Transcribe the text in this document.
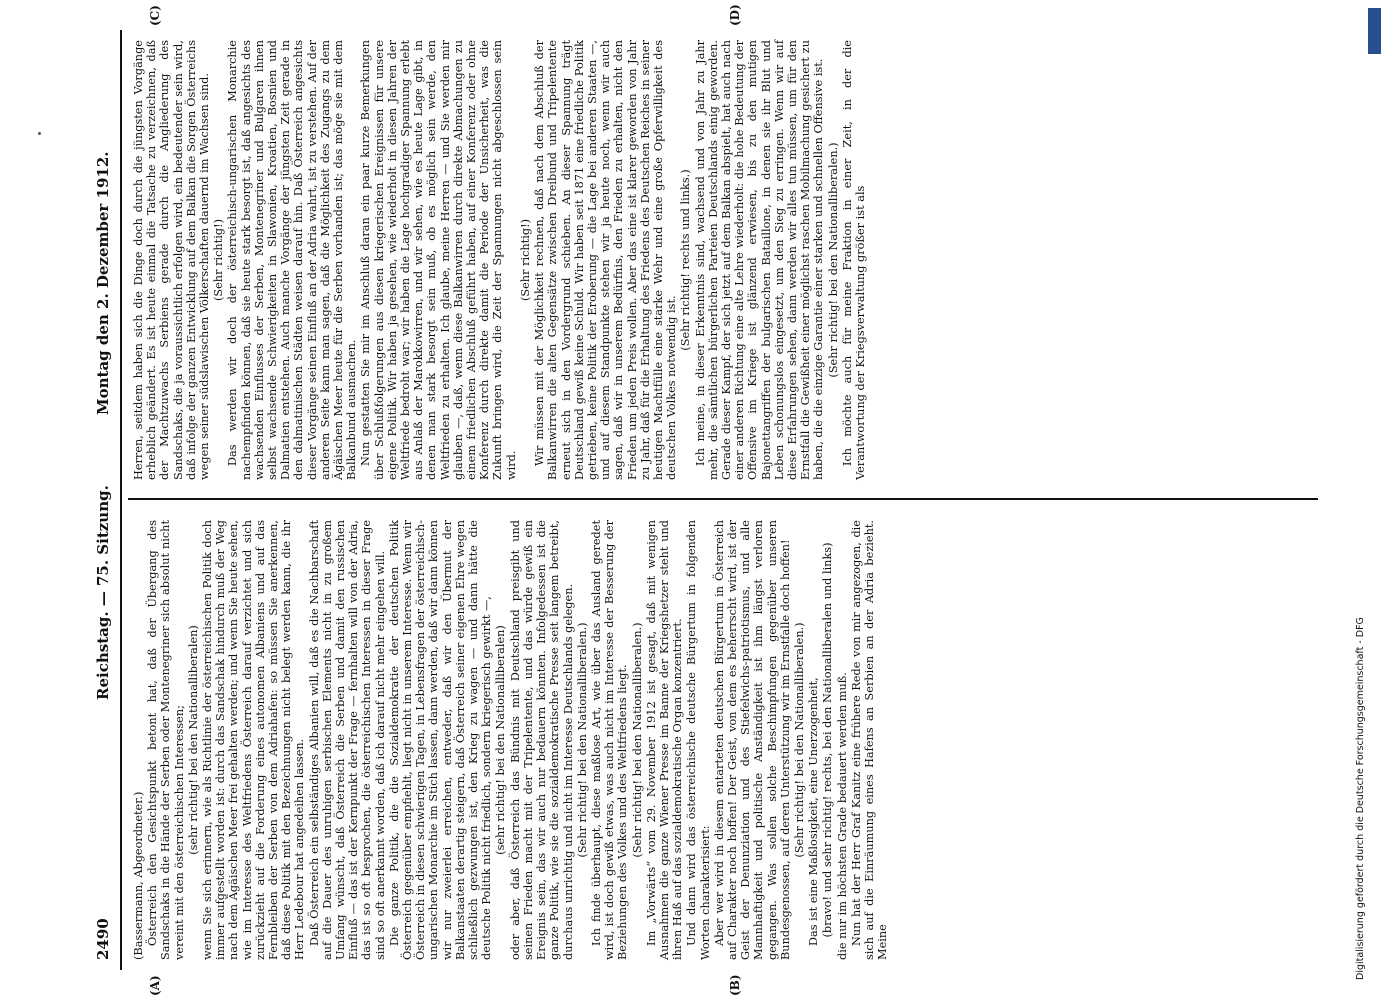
2490
Reichstag. — 75. Sitzung.
Montag den 2. Dezember 1912.
(A)	(B)
(C)	(D)

(Bassermann, Abgeordneter.) Österreich den Gesichtspunkt betont hat, daß der Übergang des Sandschaks in die Hände der Serben oder Montenegriner sich absolut nicht vereint mit den österreichischen Interessen; (sehr richtig! bei den Nationalliberalen) wenn Sie sich erinnern, wie als Richtlinie der österreichischen Politik doch immer aufgestellt worden ist: durch das Sandschak hindurch muß der Weg nach dem Ägäischen Meer frei gehalten werden; und wenn Sie heute sehen, wie im Interesse des Weltfriedens Österreich darauf verzichtet und sich zurückzieht auf die Forderung eines autonomen Albaniens und auf das Fernbleiben der Serben von dem Adriahafen: so müssen Sie anerkennen, daß diese Politik mit den Bezeichnungen nicht belegt werden kann, die ihr Herr Ledebour hat angedeihen lassen. Daß Österreich ein selbständiges Albanien will, daß es die Nachbarschaft auf die Dauer des unruhigen serbischen Elements nicht in zu großem Umfang wünscht, daß Österreich die Serben und damit den russischen Einfluß — das ist der Kernpunkt der Frage — fernhalten will von der Adria, das ist so oft besprochen, die österreichischen Interessen in dieser Frage sind so oft anerkannt worden, daß ich darauf nicht mehr eingehen will. Die ganze Politik, die die Sozialdemokratie der deutschen Politik Österreich gegenüber empfiehlt, liegt nicht in unserem Interesse. Wenn wir Österreich in diesen schwierigen Tagen, in Lebensfragen der österreichisch-ungarischen Monarchie im Stich lassen, dann werden, daß wir dann können wir nur zweierlei erreichen, entweder, daß wir den Übermut der Balkanstaaten derartig steigern, daß Österreich seiner eigenen Ehre wegen schließlich gezwungen ist, den Krieg zu wagen — und dann hätte die deutsche Politik nicht friedlich, sondern kriegerisch gewirkt —, (sehr richtig! bei den Nationalliberalen) oder aber, daß Österreich das Bündnis mit Deutschland preisgibt und seinen Frieden macht mit der Tripelentente, und das würde gewiß ein Ereignis sein, das wir auch nur bedauern könnten. Infolgedessen ist die ganze Politik, wie sie die sozialdemokratische Presse seit langem betreibt, durchaus unrichtig und nicht im Interesse Deutschlands gelegen. (Sehr richtig! bei den Nationalliberalen.) Ich finde überhaupt, diese maßlose Art, wie über das Ausland geredet wird, ist doch gewiß etwas, was auch nicht im Interesse der Besserung der Beziehungen des Volkes und des Weltfriedens liegt. (Sehr richtig! bei den Nationalliberalen.) Im „Vorwärts“ vom 29. November 1912 ist gesagt, daß mit wenigen Ausnahmen die ganze Wiener Presse im Banne der Kriegshetzer steht und ihren Haß auf das sozialdemokratische Organ konzentriert. Und dann wird das österreichische deutsche Bürgertum in folgenden Worten charakterisiert: Aber wer wird in diesem entarteten deutschen Bürgertum in Österreich auf Charakter noch hoffen! Der Geist, von dem es beherrscht wird, ist der Geist der Denunziation und des Stiefelwichs-patriotismus, und alle Mannhaftigkeit und politische Anständigkeit ist ihm längst verloren gegangen. Was sollen solche Beschimpfungen gegenüber unseren Bundesgenossen, auf deren Unterstützung wir im Ernstfalle doch hoffen! (Sehr richtig! bei den Nationalliberalen.) Das ist eine Maßlosigkeit, eine Unerzogenheit, (bravo! und sehr richtig! rechts, bei den Nationalliberalen und links) die nur im höchsten Grade bedauert werden muß. Nun hat der Herr Graf Kanitz eine frühere Rede von mir angezogen, die sich auf die Einräumung eines Hafens an Serbien an der Adria bezieht. Meine

Herren, seitdem haben sich die Dinge doch durch die jüngsten Vorgänge erheblich geändert. Es ist heute einmal die Tatsache zu verzeichnen, daß der Machtzuwachs Serbiens gerade durch die Angliederung des Sandschaks, die ja voraussichtlich erfolgen wird, ein bedeutender sein wird, daß infolge der ganzen Entwicklung auf dem Balkan die Sorgen Österreichs wegen seiner südslawischen Völkerschaften dauernd im Wachsen sind. (Sehr richtig!) Das werden wir doch der österreichisch-ungarischen Monarchie nachempfinden können, daß sie heute stark besorgt ist, daß angesichts des wachsenden Einflusses der Serben, Montenegriner und Bulgaren ihnen selbst wachsende Schwierigkeiten in Slawonien, Kroatien, Bosnien und Dalmatien entstehen. Auch manche Vorgänge der jüngsten Zeit gerade in den dalmatinischen Städten weisen darauf hin. Daß Österreich angesichts dieser Vorgänge seinen Einfluß an der Adria wahrt, ist zu verstehen. Auf der anderen Seite kann man sagen, daß die Möglichkeit des Zugangs zu dem Ägäischen Meer heute für die Serben vorhanden ist; das möge sie mit dem Balkanbund ausmachen. Nun gestatten Sie mir im Anschluß daran ein paar kurze Bemerkungen über Schlußfolgerungen aus diesen kriegerischen Ereignissen für unsere eigene Politik. Wir haben ja gesehen, wie wiederholt in diesen Jahren der Weltfriede bedroht war; wir haben die Lage hochgradiger Spannung erlebt aus Anlaß der Marokkowirren, und wir sehen, wie es heute Lage gibt, in denen man stark besorgt sein muß, ob es möglich sein werde, den Weltfrieden zu erhalten. Ich glaube, meine Herren — und Sie werden mir glauben —, daß, wenn diese Balkanwirren durch direkte Abmachungen zu einem friedlichen Abschluß geführt haben, auf einer Konferenz oder ohne Konferenz durch direkte damit die Periode der Unsicherheit, was die Zukunft bringen wird, die Zeit der Spannungen nicht abgeschlossen sein wird.

(Sehr richtig!) Wir müssen mit der Möglichkeit rechnen, daß nach dem Abschluß der Balkanwirren die alten Gegensätze zwischen Dreibund und Tripelentente erneut sich in den Vordergrund schieben. An dieser Spannung trägt Deutschland gewiß keine Schuld. Wir haben seit 1871 eine friedliche Politik getrieben, keine Politik der Eroberung — die Lage bei anderen Staaten —, und auf diesem Standpunkte stehen wir ja heute noch, wenn wir auch sagen, daß wir in unserem Bedürfnis, den Frieden zu erhalten, nicht den Frieden um jeden Preis wollen. Aber das eine ist klarer geworden von Jahr zu Jahr, daß für die Erhaltung des Friedens des Deutschen Reiches in seiner heutigen Machtfülle eine starke Wehr und eine große Opferwilligkeit des deutschen Volkes notwendig ist.

(Sehr richtig! rechts und links.) Ich meine, in dieser Erkenntnis sind, wachsend und von Jahr zu Jahr mehr, die sämtlichen bürgerlichen Parteien Deutschlands einig geworden. Gerade dieser Kampf, der sich jetzt auf dem Balkan abspielt, hat auch nach einer anderen Richtung eine alte Lehre wiederholt: die hohe Bedeutung der Offensive im Kriege ist glänzend erwiesen, bis zu den mutigen Bajonettangriffen der bulgarischen Bataillone, in denen sie ihr Blut und Leben schonungslos eingesetzt, um den Sieg zu erringen. Wenn wir auf diese Erfahrungen sehen, dann werden wir alles tun müssen, um für den Ernstfall die Gewißheit einer möglichst raschen Mobilmachung gesichert zu haben, die die einzige Garantie einer starken und schnellen Offensive ist. (Sehr richtig! bei den Nationalliberalen.) Ich möchte auch für meine Fraktion in einer Zeit, in der die Verantwortung der Kriegsverwaltung größer ist als

DFG
Digitalisierung gefördert durch die Deutsche Forschungsgemeinschaft - DFG
